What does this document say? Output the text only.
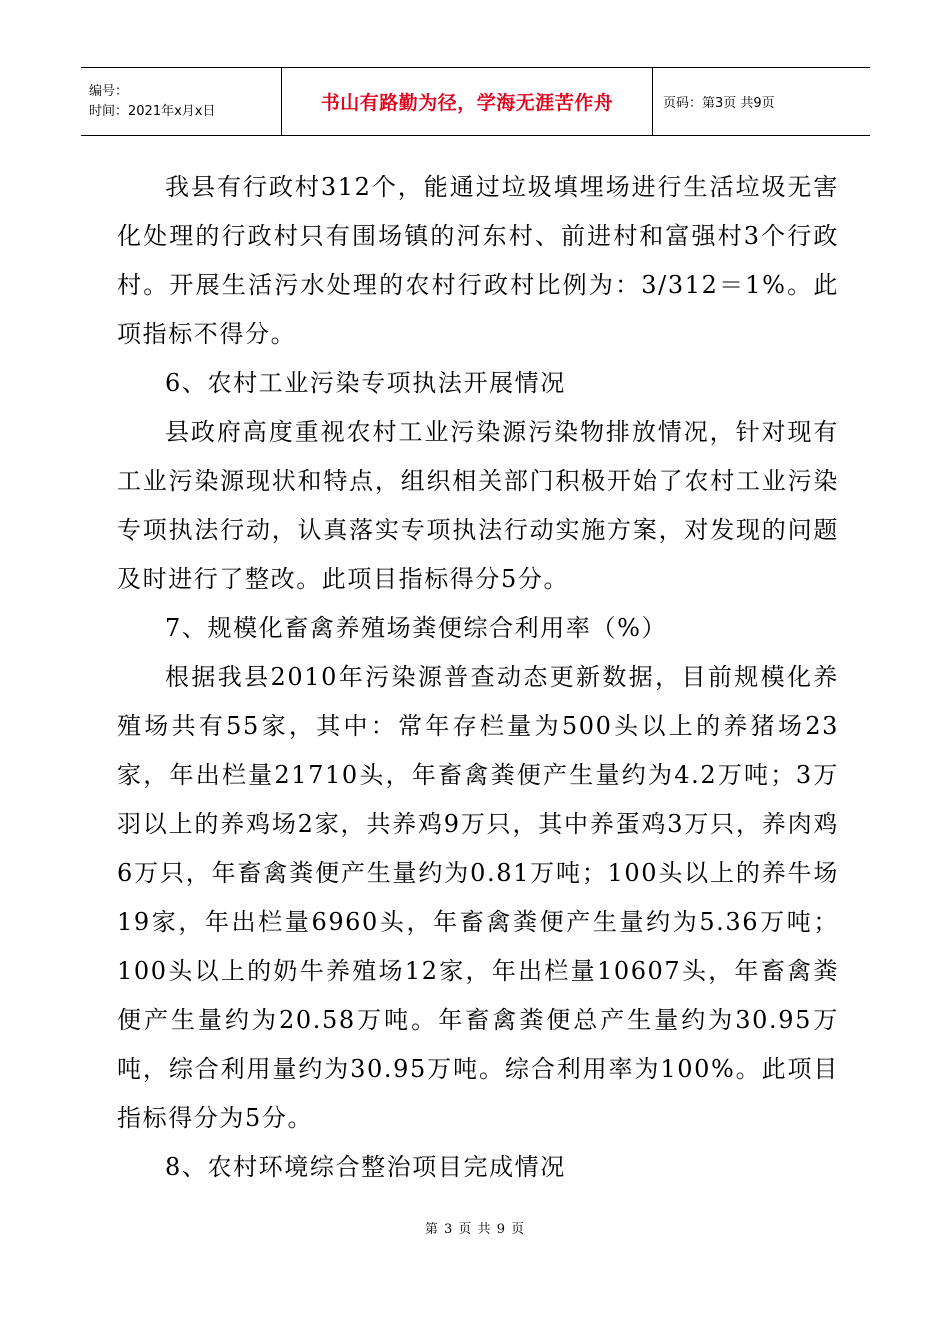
编号：
时间：2021年x月x日	书山有路勤为径，学海无涯苦作舟	页码：第3页 共9页

我县有行政村312个，能通过垃圾填埋场进行生活垃圾无害化处理的行政村只有围场镇的河东村、前进村和富强村3个行政村。开展生活污水处理的农村行政村比例为：3/312＝1%。此项指标不得分。

6、农村工业污染专项执法开展情况

县政府高度重视农村工业污染源污染物排放情况，针对现有工业污染源现状和特点，组织相关部门积极开始了农村工业污染专项执法行动，认真落实专项执法行动实施方案，对发现的问题及时进行了整改。此项目指标得分5分。

7、规模化畜禽养殖场粪便综合利用率（%）

根据我县2010年污染源普查动态更新数据，目前规模化养殖场共有55家，其中：常年存栏量为500头以上的养猪场23家，年出栏量21710头，年畜禽粪便产生量约为4.2万吨；3万羽以上的养鸡场2家，共养鸡9万只，其中养蛋鸡3万只，养肉鸡6万只，年畜禽粪便产生量约为0.81万吨；100头以上的养牛场19家，年出栏量6960头，年畜禽粪便产生量约为5.36万吨；100头以上的奶牛养殖场12家，年出栏量10607头，年畜禽粪便产生量约为20.58万吨。年畜禽粪便总产生量约为30.95万吨，综合利用量约为30.95万吨。综合利用率为100%。此项目指标得分为5分。

8、农村环境综合整治项目完成情况

第 3 页 共 9 页
